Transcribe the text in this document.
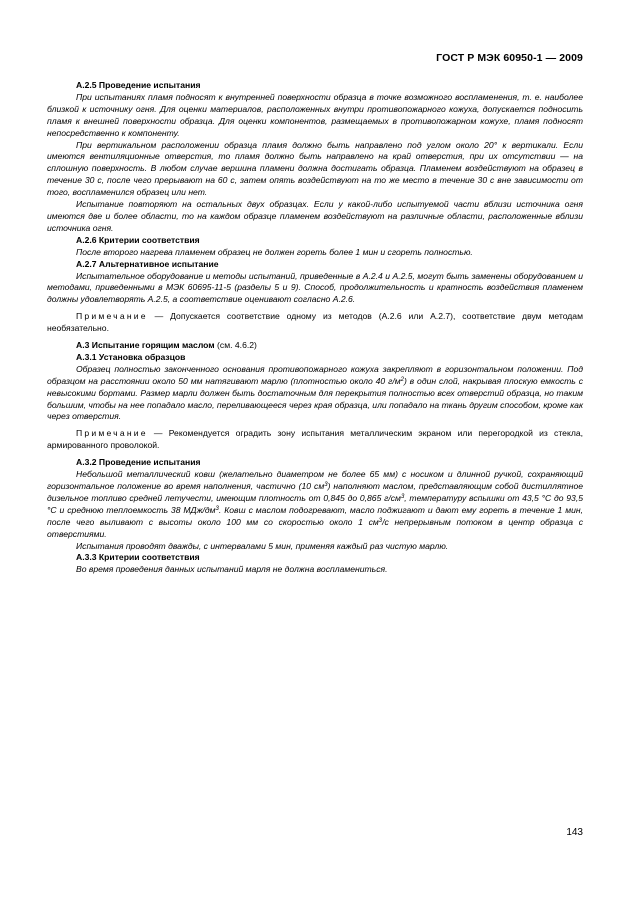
ГОСТ Р МЭК 60950-1 — 2009

А.2.5 Проведение испытания

При испытаниях пламя подносят к внутренней поверхности образца в точке возможного воспламенения, т. е. наиболее близкой к источнику огня. Для оценки материалов, расположенных внутри противопожарного кожуха, допускается подносить пламя к внешней поверхности образца. Для оценки компонентов, размещаемых в противопожарном кожухе, пламя подносят непосредственно к компоненту.

При вертикальном расположении образца пламя должно быть направлено под углом около 20° к вертикали. Если имеются вентиляционные отверстия, то пламя должно быть направлено на край отверстия, при их отсутствии — на сплошную поверхность. В любом случае вершина пламени должна достигать образца. Пламенем воздействуют на образец в течение 30 с, после чего прерывают на 60 с, затем опять воздействуют на то же место в течение 30 с вне зависимости от того, воспламенился образец или нет.

Испытание повторяют на остальных двух образцах. Если у какой-либо испытуемой части вблизи источника огня имеются две и более области, то на каждом образце пламенем воздействуют на различные области, расположенные вблизи источника огня.

А.2.6 Критерии соответствия

После второго нагрева пламенем образец не должен гореть более 1 мин и сгореть полностью.

А.2.7 Альтернативное испытание

Испытательное оборудование и методы испытаний, приведенные в А.2.4 и А.2.5, могут быть заменены оборудованием и методами, приведенными в МЭК 60695-11-5 (разделы 5 и 9). Способ, продолжительность и кратность воздействия пламенем должны удовлетворять А.2.5, а соответствие оценивают согласно А.2.6.

Примечание — Допускается соответствие одному из методов (А.2.6 или А.2.7), соответствие двум методам необязательно.

А.3 Испытание горящим маслом (см. 4.6.2)

А.3.1 Установка образцов

Образец полностью законченного основания противопожарного кожуха закрепляют в горизонтальном положении. Под образцом на расстоянии около 50 мм натягивают марлю (плотностью около 40 $г/м^2$) в один слой, накрывая плоскую емкость с невысокими бортами. Размер марли должен быть достаточным для перекрытия полностью всех отверстий образца, но таким большим, чтобы на нее попадало масло, переливающееся через края образца, или попадало на ткань другим способом, кроме как через отверстия.

Примечание — Рекомендуется оградить зону испытания металлическим экраном или перегородкой из стекла, армированного проволокой.

А.3.2 Проведение испытания

Небольшой металлический ковш (желательно диаметром не более 65 мм) с носиком и длинной ручкой, сохраняющий горизонтальное положение во время наполнения, частично (10 $см^3$) наполняют маслом, представляющим собой дистиллятное дизельное топливо средней летучести, имеющим плотность от 0,845 до 0,865 $г/см^3$, температуру вспышки от 43,5 °С до 93,5 °С и среднюю теплоемкость 38 МДж/$дм^3$. Ковш с маслом подогревают, масло поджигают и дают ему гореть в течение 1 мин, после чего выливают с высоты около 100 мм со скоростью около 1 $см^3/с$ непрерывным потоком в центр образца с отверстиями.

Испытания проводят дважды, с интервалами 5 мин, применяя каждый раз чистую марлю.

А.3.3 Критерии соответствия

Во время проведения данных испытаний марля не должна воспламениться.

143
